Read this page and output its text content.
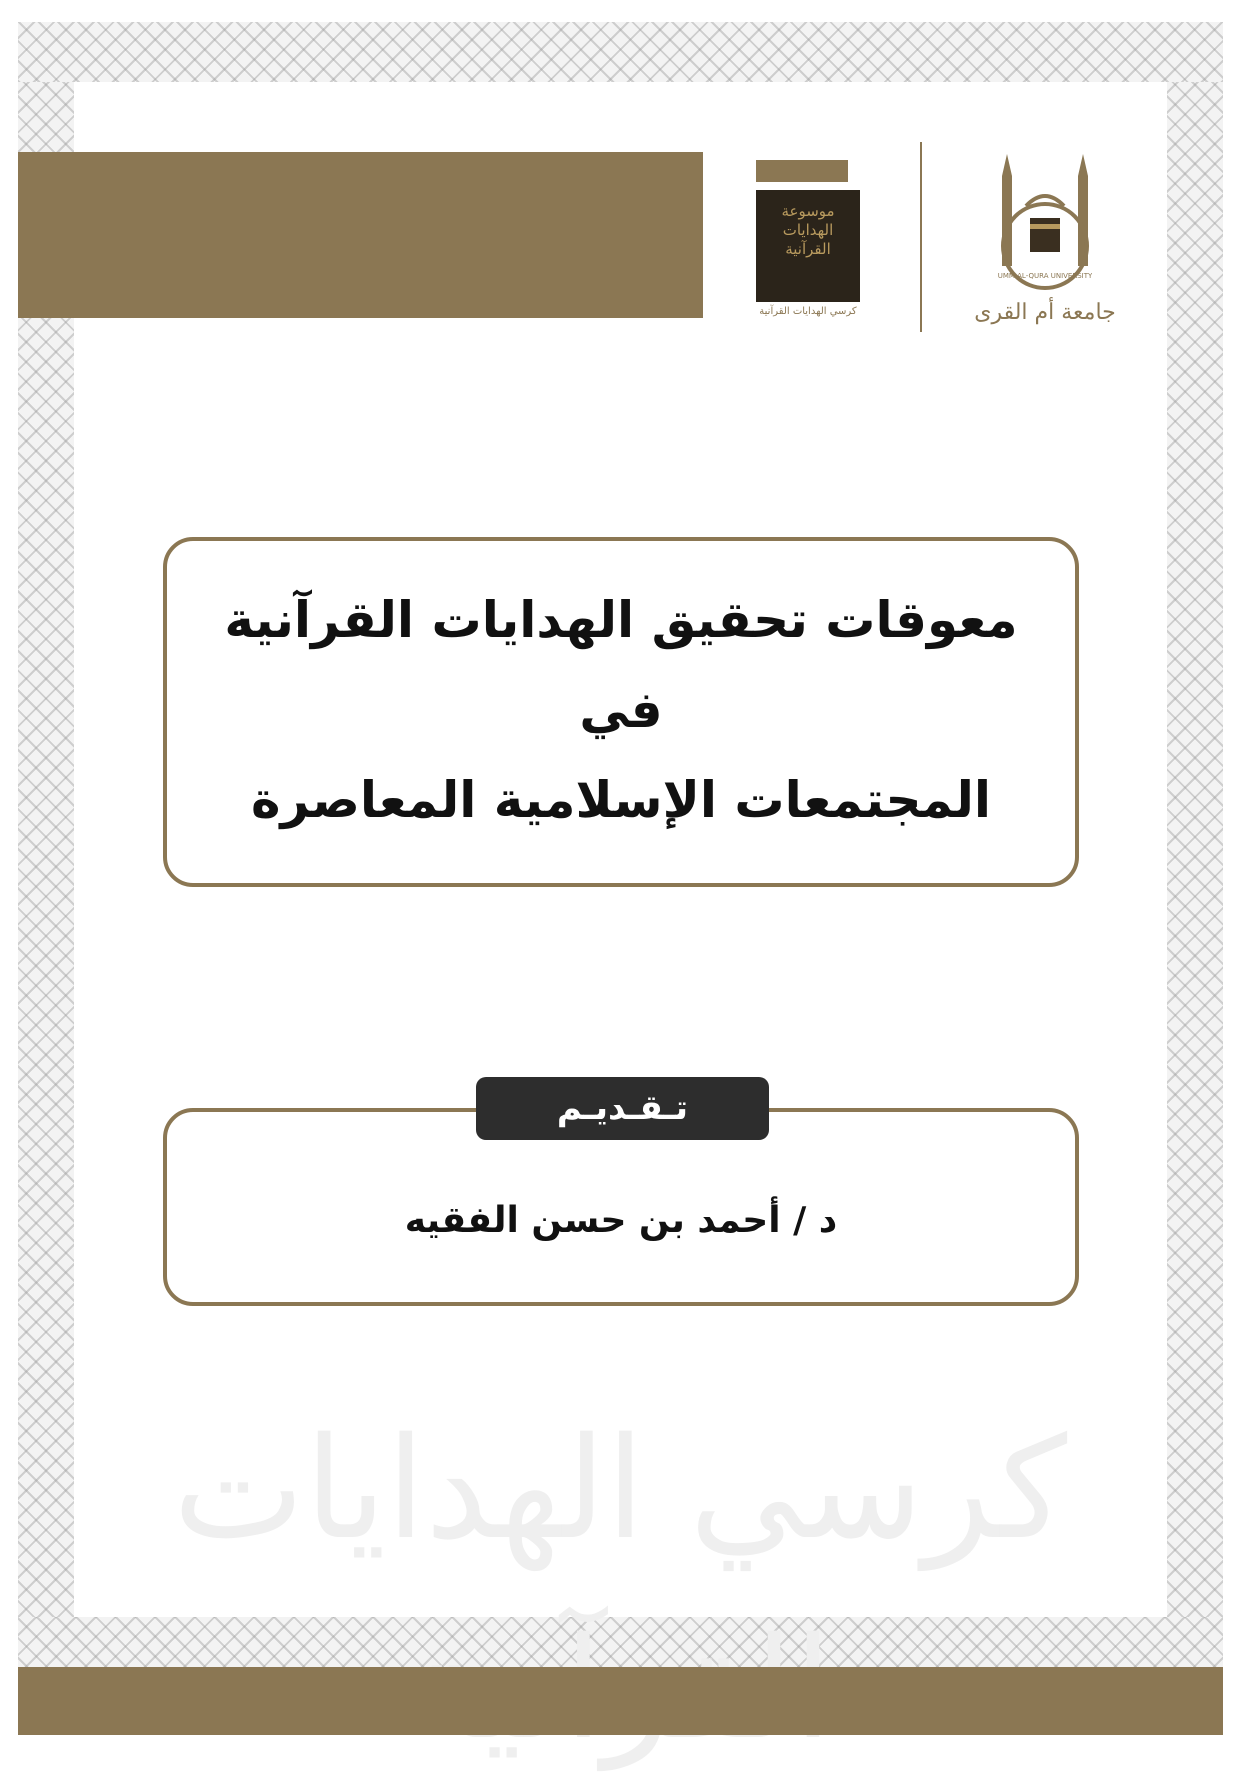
كرسي الهدايات
موسوعة
الهدايات
القرآنية
كرسي الهدايات القرآنية
UMM AL-QURA UNIVERSITY
جامعة أم القرى
معوقات تحقيق الهدايات القرآنية
في
المجتمعات الإسلامية المعاصرة
تـقـديـم
د / أحمد بن حسن الفقيه
